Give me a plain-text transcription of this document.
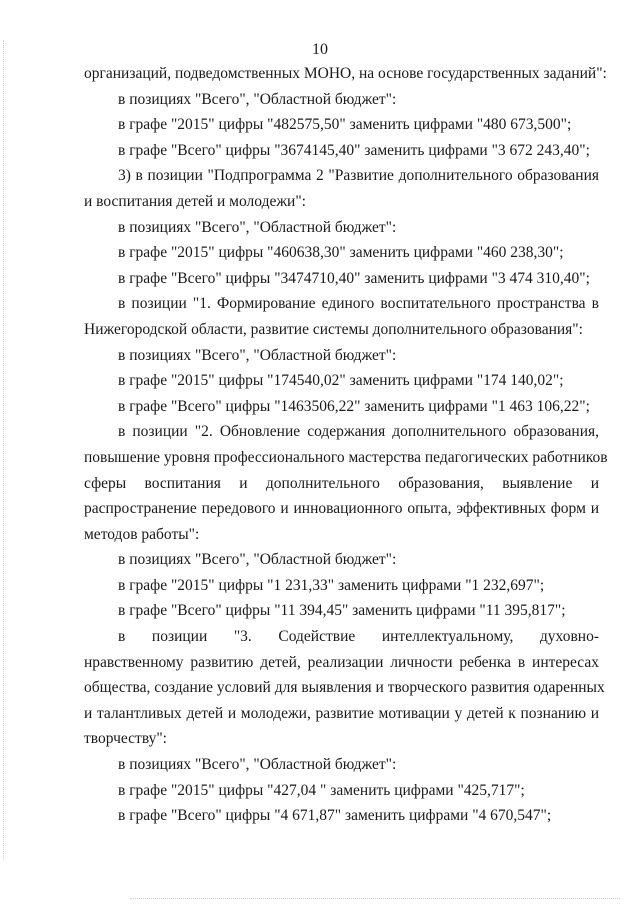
10
организаций, подведомственных МОНО, на основе государственных заданий":
в позициях "Всего", "Областной бюджет":
в графе "2015" цифры "482575,50" заменить цифрами "480 673,500";
в графе "Всего" цифры "3674145,40" заменить цифрами "3 672 243,40";
3) в позиции "Подпрограмма 2 "Развитие дополнительного образования
и воспитания детей и молодежи":
в позициях "Всего", "Областной бюджет":
в графе "2015" цифры "460638,30" заменить цифрами "460 238,30";
в графе "Всего" цифры "3474710,40" заменить цифрами "3 474 310,40";
в позиции "1. Формирование единого воспитательного пространства в
Нижегородской области, развитие системы дополнительного образования":
в позициях "Всего", "Областной бюджет":
в графе "2015" цифры "174540,02" заменить цифрами "174 140,02";
в графе "Всего" цифры "1463506,22" заменить цифрами "1 463 106,22";
в позиции "2. Обновление содержания дополнительного образования,
повышение уровня профессионального мастерства педагогических работников
сферы воспитания и дополнительного образования, выявление и
распространение передового и инновационного опыта, эффективных форм и
методов работы":
в позициях "Всего", "Областной бюджет":
в графе "2015" цифры "1 231,33" заменить цифрами "1 232,697";
в графе "Всего" цифры "11 394,45" заменить цифрами "11 395,817";
в позиции "3. Содействие интеллектуальному, духовно-
нравственному развитию детей, реализации личности ребенка в интересах
общества, создание условий для выявления и творческого развития одаренных
и талантливых детей и молодежи, развитие мотивации у детей к познанию и
творчеству":
в позициях "Всего", "Областной бюджет":
в графе "2015" цифры "427,04 " заменить цифрами "425,717";
в графе "Всего" цифры "4 671,87" заменить цифрами "4 670,547";
